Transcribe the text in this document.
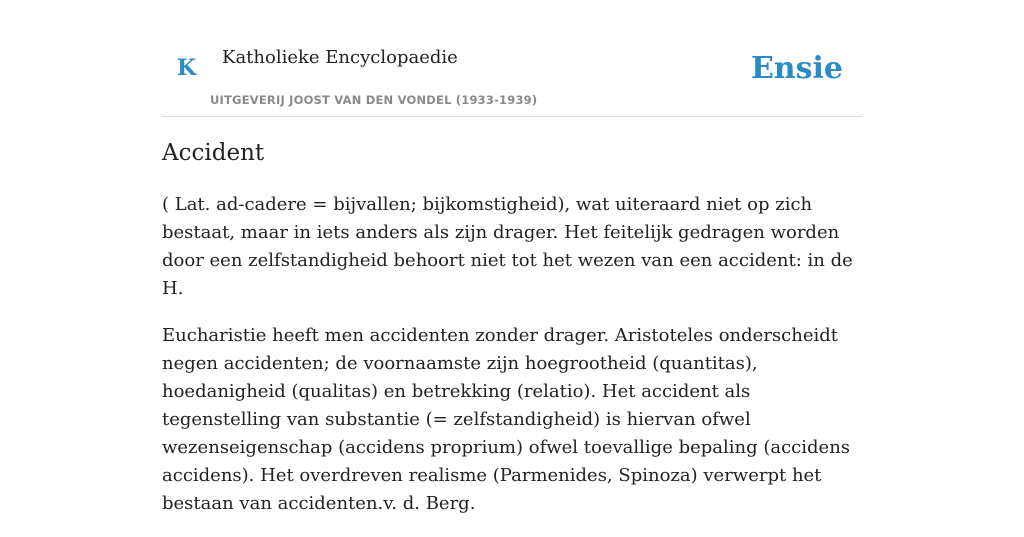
K Katholieke Encyclopaedie
UITGEVERIJ JOOST VAN DEN VONDEL (1933-1939)
Ensie
Accident

( Lat. ad-cadere = bijvallen; bijkomstigheid), wat uiteraard niet op zich bestaat, maar in iets anders als zijn drager. Het feitelijk gedragen worden door een zelfstandigheid behoort niet tot het wezen van een accident: in de H.

Eucharistie heeft men accidenten zonder drager. Aristoteles onderscheidt negen accidenten; de voornaamste zijn hoegrootheid (quantitas), hoedanigheid (qualitas) en betrekking (relatio). Het accident als tegenstelling van substantie (= zelfstandigheid) is hiervan ofwel wezenseigenschap (accidens proprium) ofwel toevallige bepaling (accidens accidens). Het overdreven realisme (Parmenides, Spinoza) verwerpt het bestaan van accidenten.v. d. Berg.
